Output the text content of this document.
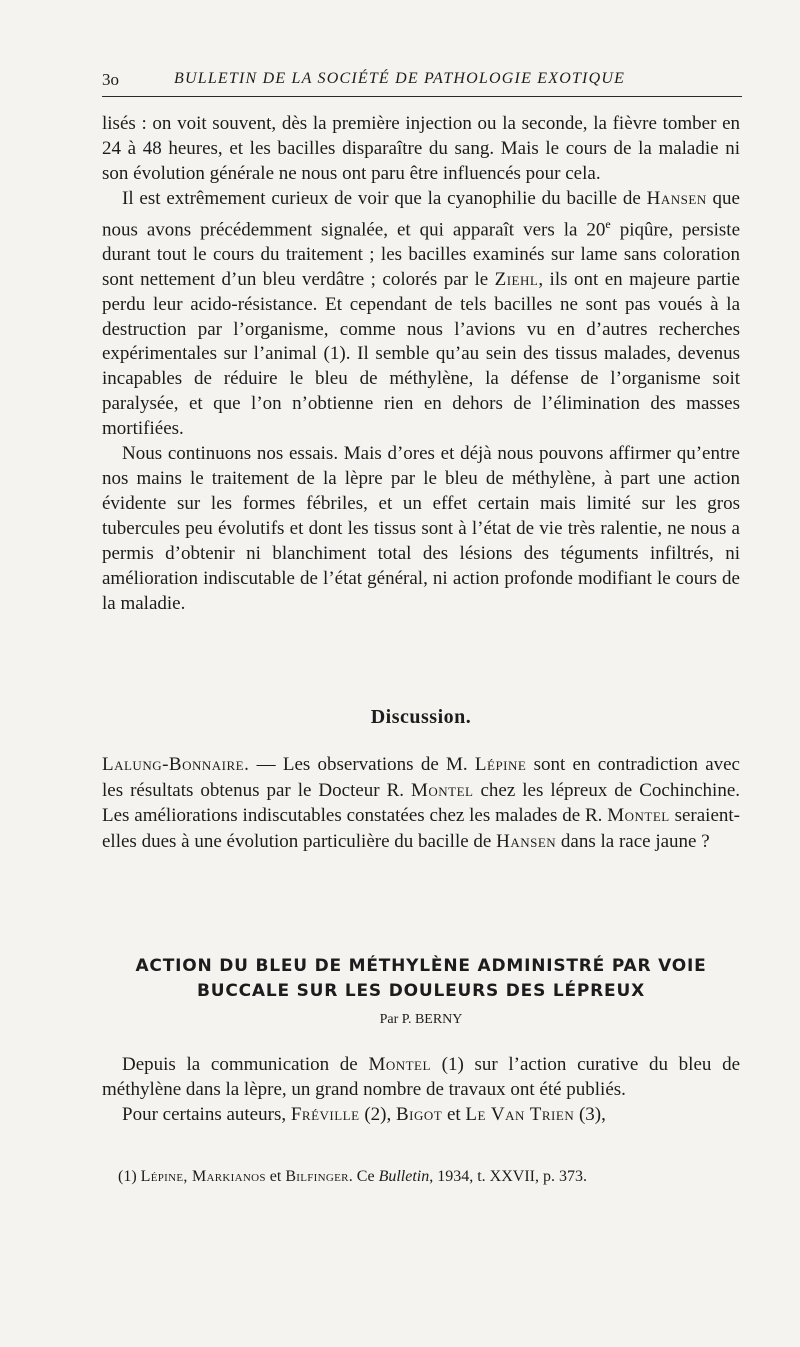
3o	BULLETIN DE LA SOCIÉTÉ DE PATHOLOGIE EXOTIQUE

lisés : on voit souvent, dès la première injection ou la seconde, la fièvre tomber en 24 à 48 heures, et les bacilles disparaître du sang. Mais le cours de la maladie ni son évolution générale ne nous ont paru être influencés pour cela.

Il est extrêmement curieux de voir que la cyanophilie du bacille de Hansen que nous avons précédemment signalée, et qui apparaît vers la 20e piqûre, persiste durant tout le cours du traitement ; les bacilles examinés sur lame sans coloration sont nettement d’un bleu verdâtre ; colorés par le Ziehl, ils ont en majeure partie perdu leur acido-résistance. Et cependant de tels bacilles ne sont pas voués à la destruction par l’organisme, comme nous l’avions vu en d’autres recherches expérimentales sur l’animal (1). Il semble qu’au sein des tissus malades, devenus incapables de réduire le bleu de méthylène, la défense de l’organisme soit paralysée, et que l’on n’obtienne rien en dehors de l’élimination des masses mortifiées.

Nous continuons nos essais. Mais d’ores et déjà nous pouvons affirmer qu’entre nos mains le traitement de la lèpre par le bleu de méthylène, à part une action évidente sur les formes fébriles, et un effet certain mais limité sur les gros tubercules peu évolutifs et dont les tissus sont à l’état de vie très ralentie, ne nous a permis d’obtenir ni blanchiment total des lésions des téguments infiltrés, ni amélioration indiscutable de l’état général, ni action profonde modifiant le cours de la maladie.

Discussion.

Lalung-Bonnaire. — Les observations de M. Lépine sont en contradiction avec les résultats obtenus par le Docteur R. Montel chez les lépreux de Cochinchine. Les améliorations indiscutables constatées chez les malades de R. Montel seraient-elles dues à une évolution particulière du bacille de Hansen dans la race jaune ?

ACTION DU BLEU DE MÉTHYLÈNE ADMINISTRÉ PAR VOIE
BUCCALE SUR LES DOULEURS DES LÉPREUX
Par P. BERNY

Depuis la communication de Montel (1) sur l’action curative du bleu de méthylène dans la lèpre, un grand nombre de travaux ont été publiés.

Pour certains auteurs, Fréville (2), Bigot et Le Van Trien (3),

(1) Lépine, Markianos et Bilfinger. Ce Bulletin, 1934, t. XXVII, p. 373.
